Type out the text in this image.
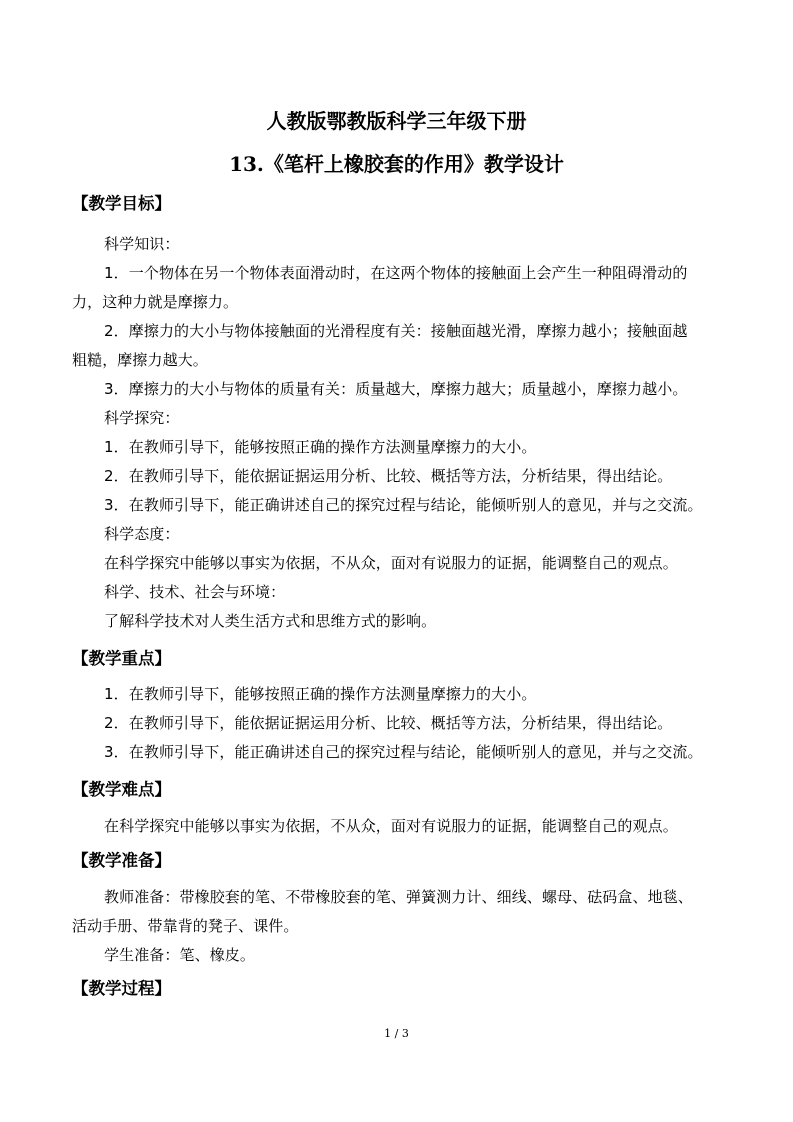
人教版鄂教版科学三年级下册
13.《笔杆上橡胶套的作用》教学设计
【教学目标】
科学知识：
1．一个物体在另一个物体表面滑动时，在这两个物体的接触面上会产生一种阻碍滑动的
力，这种力就是摩擦力。
2．摩擦力的大小与物体接触面的光滑程度有关：接触面越光滑，摩擦力越小；接触面越
粗糙，摩擦力越大。
3．摩擦力的大小与物体的质量有关：质量越大，摩擦力越大；质量越小，摩擦力越小。
科学探究：
1．在教师引导下，能够按照正确的操作方法测量摩擦力的大小。
2．在教师引导下，能依据证据运用分析、比较、概括等方法，分析结果，得出结论。
3．在教师引导下，能正确讲述自己的探究过程与结论，能倾听别人的意见，并与之交流。
科学态度：
在科学探究中能够以事实为依据，不从众，面对有说服力的证据，能调整自己的观点。
科学、技术、社会与环境：
了解科学技术对人类生活方式和思维方式的影响。
【教学重点】
1．在教师引导下，能够按照正确的操作方法测量摩擦力的大小。
2．在教师引导下，能依据证据运用分析、比较、概括等方法，分析结果，得出结论。
3．在教师引导下，能正确讲述自己的探究过程与结论，能倾听别人的意见，并与之交流。
【教学难点】
在科学探究中能够以事实为依据，不从众，面对有说服力的证据，能调整自己的观点。
【教学准备】
教师准备：带橡胶套的笔、不带橡胶套的笔、弹簧测力计、细线、螺母、砝码盒、地毯、
活动手册、带靠背的凳子、课件。
学生准备：笔、橡皮。
【教学过程】
1 / 3
